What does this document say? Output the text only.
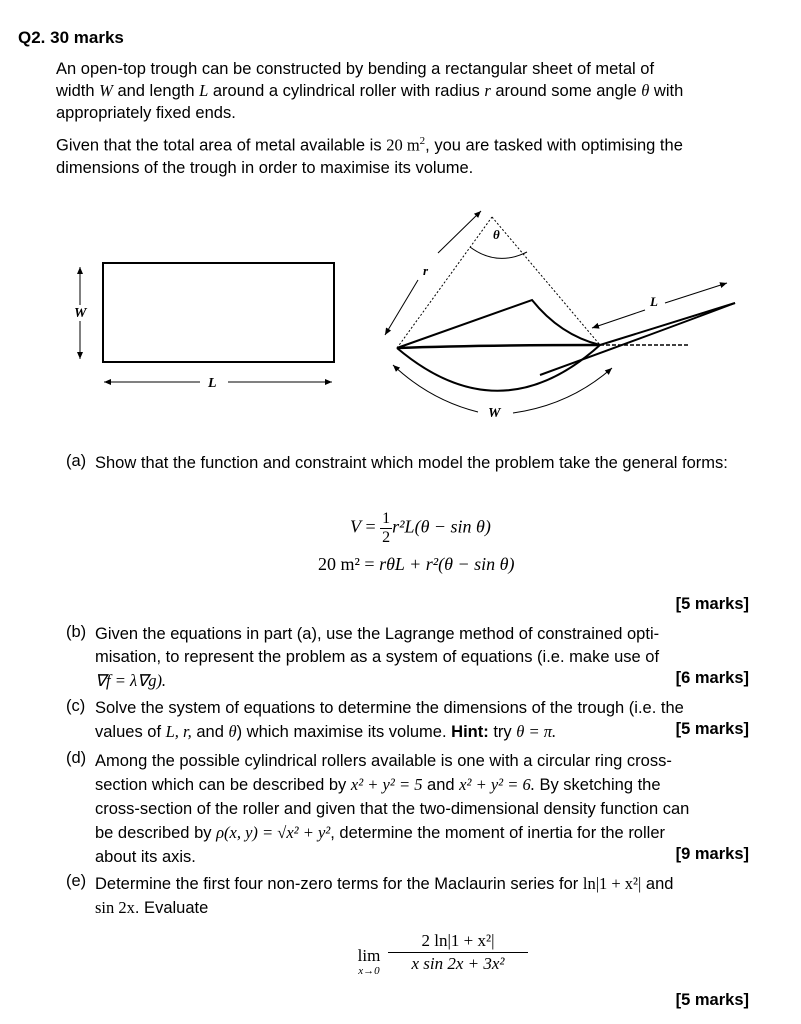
Q2. 30 marks
An open-top trough can be constructed by bending a rectangular sheet of metal of
width W and length L around a cylindrical roller with radius r around some angle θ with
appropriately fixed ends.
Given that the total area of metal available is 20 $m^2$, you are tasked with optimising the
dimensions of the trough in order to maximise its volume.
W
L
θ
r
L
W
(a) Show that the function and constraint which model the problem take the general forms:
$V = \frac{1}{2} r^2L(\theta - \sin \theta)$
20 m² = rθL + r²(θ − sin θ)
[5 marks]
(b) Given the equations in part (a), use the Lagrange method of constrained opti-
misation, to represent the problem as a system of equations (i.e. make use of
∇f = λ∇g).	[6 marks]
(c) Solve the system of equations to determine the dimensions of the trough (i.e. the
values of L, r, and θ) which maximise its volume. Hint: try θ = π.	[5 marks]
(d) Among the possible cylindrical rollers available is one with a circular ring cross-
section which can be described by x² + y² = 5 and x² + y² = 6. By sketching the
cross-section of the roller and given that the two-dimensional density function can
be described by ρ(x, y) = √x² + y², determine the moment of inertia for the roller
about its axis.	[9 marks]
(e) Determine the first four non-zero terms for the Maclaurin series for ln|1 + x²| and
sin 2x. Evaluate
lim
x→0
2 ln|1 + x²|
x sin 2x + 3x²
[5 marks]
